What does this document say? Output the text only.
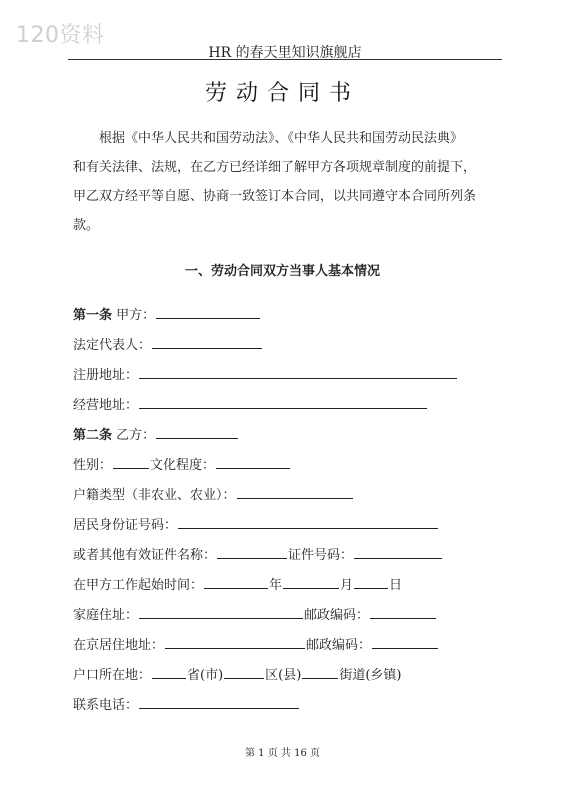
120资料
HR 的春天里知识旗舰店
劳动合同书
根据《中华人民共和国劳动法》、《中华人民共和国劳动民法典》
和有关法律、法规，在乙方已经详细了解甲方各项规章制度的前提下，
甲乙双方经平等自愿、协商一致签订本合同，以共同遵守本合同所列条
款。
一、劳动合同双方当事人基本情况
第一条 甲方：
法定代表人：
注册地址：
经营地址：
第二条 乙方：
性别：	文化程度：
户籍类型（非农业、农业）：
居民身份证号码：
或者其他有效证件名称：	证件号码：
在甲方工作起始时间：	年	月	日
家庭住址：	邮政编码：
在京居住地址：	邮政编码：
户口所在地：	省(市)	区(县)	街道(乡镇)
联系电话：
第 1 页 共 16 页
